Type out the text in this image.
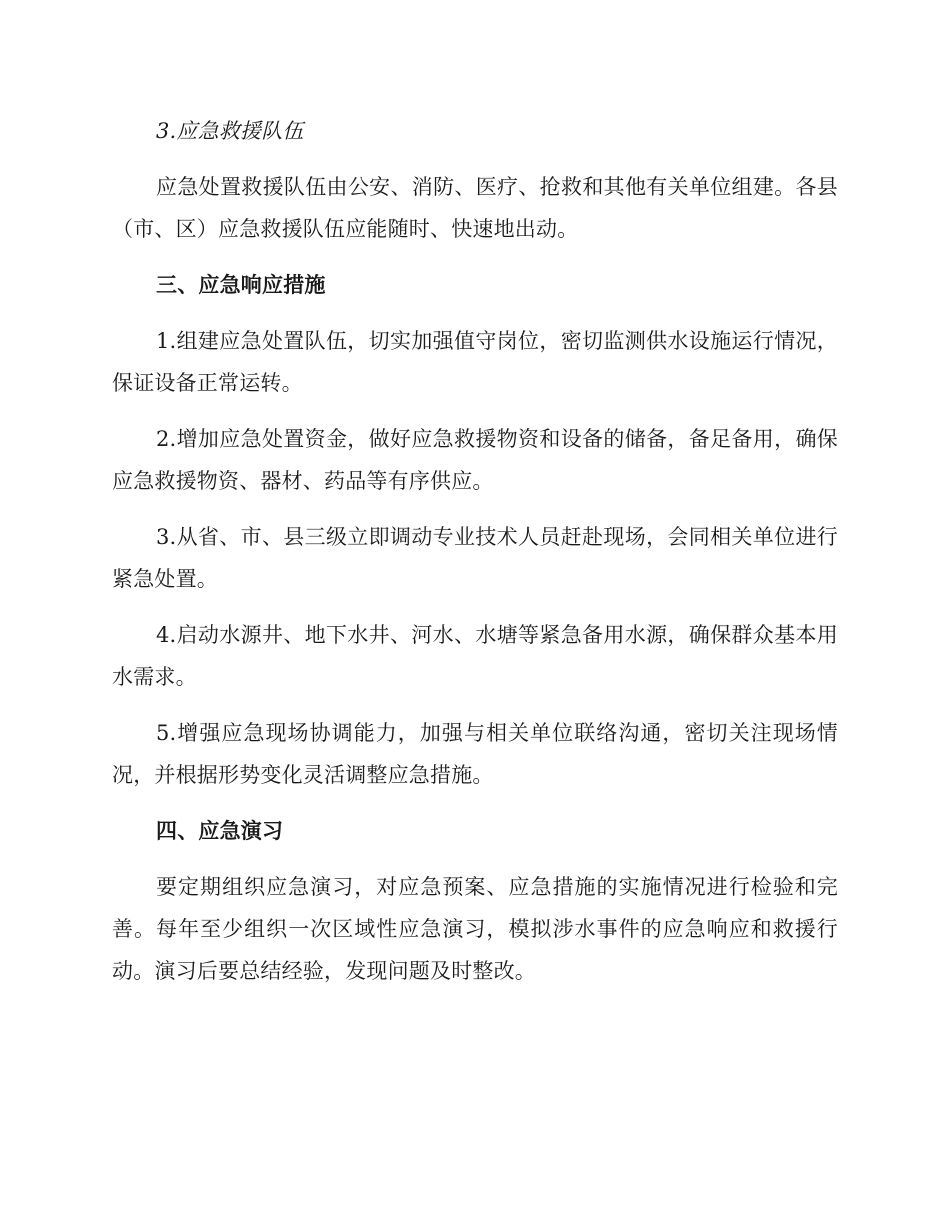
3.应急救援队伍

应急处置救援队伍由公安、消防、医疗、抢救和其他有关单位组建。各县（市、区）应急救援队伍应能随时、快速地出动。

三、应急响应措施

1.组建应急处置队伍，切实加强值守岗位，密切监测供水设施运行情况，保证设备正常运转。

2.增加应急处置资金，做好应急救援物资和设备的储备，备足备用，确保应急救援物资、器材、药品等有序供应。

3.从省、市、县三级立即调动专业技术人员赶赴现场，会同相关单位进行紧急处置。

4.启动水源井、地下水井、河水、水塘等紧急备用水源，确保群众基本用水需求。

5.增强应急现场协调能力，加强与相关单位联络沟通，密切关注现场情况，并根据形势变化灵活调整应急措施。

四、应急演习

要定期组织应急演习，对应急预案、应急措施的实施情况进行检验和完善。每年至少组织一次区域性应急演习，模拟涉水事件的应急响应和救援行动。演习后要总结经验，发现问题及时整改。
